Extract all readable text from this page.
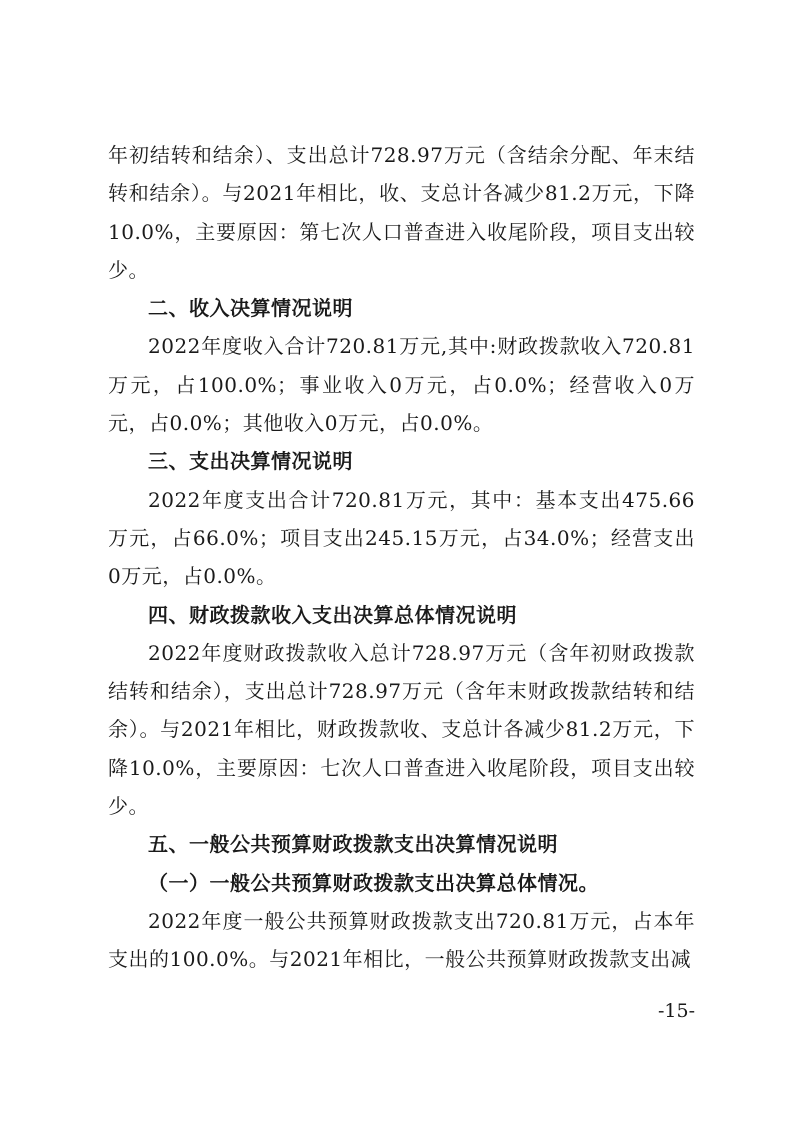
年初结转和结余）、支出总计728.97万元（含结余分配、年末结转和结余）。与2021年相比，收、支总计各减少81.2万元，下降10.0%，主要原因：第七次人口普查进入收尾阶段，项目支出较少。

二、收入决算情况说明

2022年度收入合计720.81万元,其中:财政拨款收入720.81万元，占100.0%；事业收入0万元，占0.0%；经营收入0万元，占0.0%；其他收入0万元，占0.0%。

三、支出决算情况说明

2022年度支出合计720.81万元，其中：基本支出475.66万元，占66.0%；项目支出245.15万元，占34.0%；经营支出0万元，占0.0%。

四、财政拨款收入支出决算总体情况说明

2022年度财政拨款收入总计728.97万元（含年初财政拨款结转和结余），支出总计728.97万元（含年末财政拨款结转和结余）。与2021年相比，财政拨款收、支总计各减少81.2万元，下降10.0%，主要原因：七次人口普查进入收尾阶段，项目支出较少。

五、一般公共预算财政拨款支出决算情况说明

（一）一般公共预算财政拨款支出决算总体情况。

2022年度一般公共预算财政拨款支出720.81万元，占本年支出的100.0%。与2021年相比，一般公共预算财政拨款支出减

-15-
